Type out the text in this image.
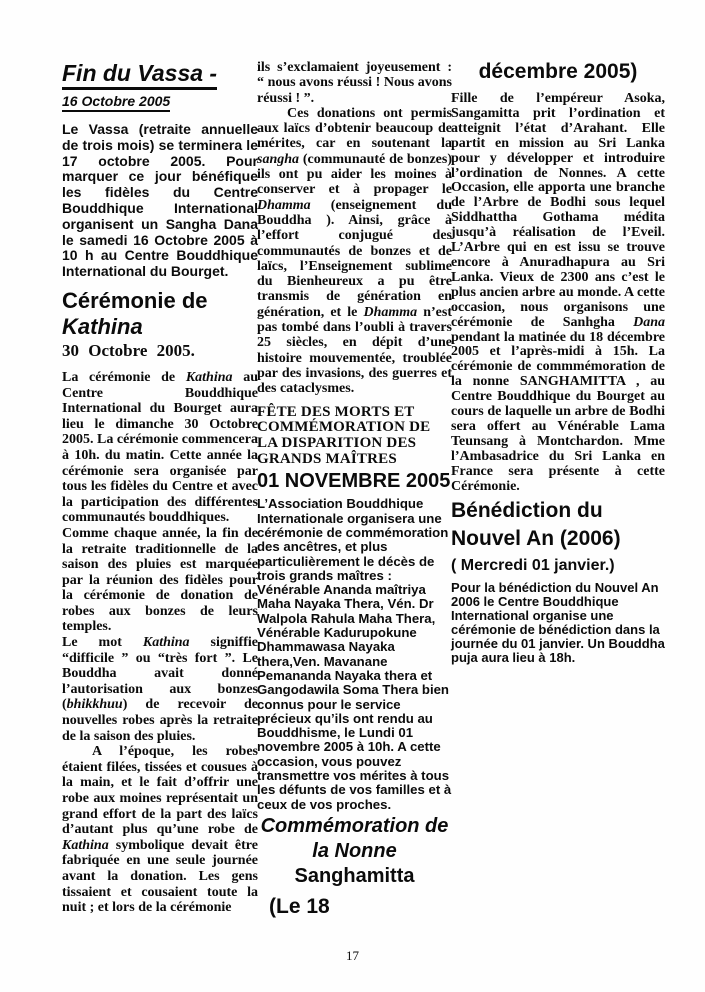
Fin du Vassa -
16 Octobre 2005

Le Vassa (retraite annuelle de trois mois) se terminera le 17 octobre 2005. Pour marquer ce jour bénéfique les fidèles du Centre Bouddhique International organisent un Sangha Dana le samedi 16 Octobre 2005 à 10 h au Centre Bouddhique International du Bourget.

Cérémonie de Kathina
30 Octobre 2005.

La cérémonie de Kathina au Centre Bouddhique International du Bourget aura lieu le dimanche 30 Octobre 2005. La cérémonie commencera à 10h. du matin. Cette année la cérémonie sera organisée par tous les fidèles du Centre et avec la participation des différentes communautés bouddhiques.

Comme chaque année, la fin de la retraite traditionnelle de la saison des pluies est marquée par la réunion des fidèles pour la cérémonie de donation de robes aux bonzes de leurs temples.

Le mot Kathina signiffie “difficile ” ou “très fort ”. Le Bouddha avait donné l’autorisation aux bonzes (bhikkhuu) de recevoir de nouvelles robes après la retraite de la saison des pluies.

A l’époque, les robes étaient filées, tissées et cousues à la main, et le fait d’offrir une robe aux moines représentait un grand effort de la part des laïcs d’autant plus qu’une robe de Kathina symbolique devait être fabriquée en une seule journée avant la donation. Les gens tissaient et cousaient toute la nuit ; et lors de la cérémonie

ils s’exclamaient joyeusement : “ nous avons réussi ! Nous avons réussi ! ”.

Ces donations ont permis aux laïcs d’obtenir beaucoup de mérites, car en soutenant la sangha (communauté de bonzes) ils ont pu aider les moines à conserver et à propager le Dhamma (enseignement du Bouddha ). Ainsi, grâce à l’effort conjugué des communautés de bonzes et de laïcs, l’Enseignement sublime du Bienheureux a pu être transmis de génération en génération, et le Dhamma n’est pas tombé dans l’oubli à travers 25 siècles, en dépit d’une histoire mouvementée, troublée par des invasions, des guerres et des cataclysmes.

FÊTE DES MORTS ET COMMÉMORATION DE LA DISPARITION DES GRANDS MAÎTRES
01 NOVEMBRE 2005

L’Association Bouddhique Internationale organisera une cérémonie de commémoration des ancêtres, et plus particulièrement le décès de trois grands maîtres : Vénérable Ananda maîtriya Maha Nayaka Thera, Vén. Dr Walpola Rahula Maha Thera, Vénérable Kadurupokune Dhammawasa Nayaka thera,Ven. Mavanane Pemananda Nayaka thera et Gangodawila Soma Thera bien connus pour le service précieux qu’ils ont rendu au Bouddhisme, le Lundi 01 novembre 2005 à 10h. A cette occasion, vous pouvez transmettre vos mérites à tous les défunts de vos familles et à ceux de vos proches.

Commémoration de la Nonne
Sanghamitta
(Le 18
décembre 2005)

Fille de l’empéreur Asoka, Sangamitta prit l’ordination et atteignit l’état d’Arahant. Elle partit en mission au Sri Lanka pour y développer et introduire l’ordination de Nonnes. A cette Occasion, elle apporta une branche de l’Arbre de Bodhi sous lequel Siddhattha Gothama médita jusqu’à réalisation de l’Eveil. L’Arbre qui en est issu se trouve encore à Anuradhapura au Sri Lanka. Vieux de 2300 ans c’est le plus ancien arbre au monde. A cette occasion, nous organisons une cérémonie de Sanhgha Dana pendant la matinée du 18 décembre 2005 et l’après-midi à 15h. La cérémonie de commmémoration de la nonne SANGHAMITTA , au Centre Bouddhique du Bourget au cours de laquelle un arbre de Bodhi sera offert au Vénérable Lama Teunsang à Montchardon. Mme l’Ambasadrice du Sri Lanka en France sera présente à cette Cérémonie.

Bénédiction du Nouvel An (2006)
( Mercredi 01 janvier.)

Pour la bénédiction du Nouvel An 2006 le Centre Bouddhique International organise une cérémonie de bénédiction dans la journée du 01 janvier. Un Bouddha puja aura lieu à 18h.

17
